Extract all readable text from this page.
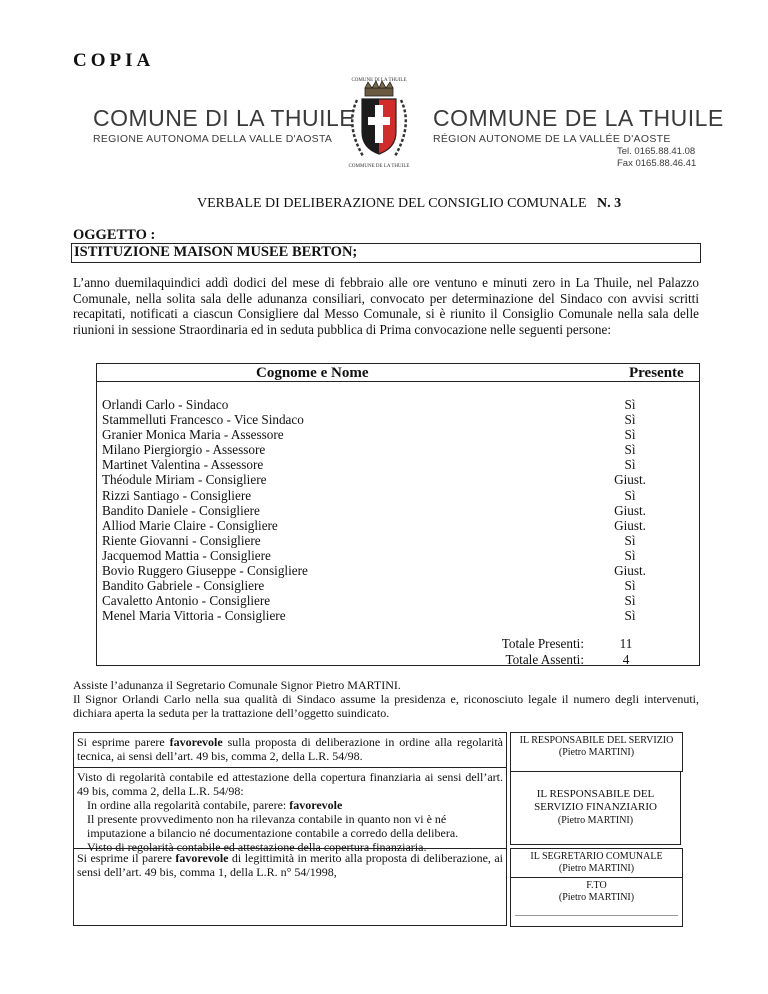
COPIA
COMUNE DI LA THUILE
REGIONE AUTONOMA DELLA VALLE D'AOSTA
COMUNE DI LA THUILE
COMMUNE DE LA THUILE
COMMUNE DE LA THUILE
RÉGION AUTONOME DE LA VALLÉE D'AOSTE
Tel. 0165.88.41.08
Fax 0165.88.46.41
VERBALE DI DELIBERAZIONE DEL CONSIGLIO COMUNALE N. 3
OGGETTO :
ISTITUZIONE MAISON MUSEE BERTON;
L’anno duemilaquindici addì dodici del mese di febbraio alle ore ventuno e minuti zero in La Thuile, nel Palazzo Comunale, nella solita sala delle adunanza consiliari, convocato per determinazione del Sindaco con avvisi scritti recapitati, notificati a ciascun Consigliere dal Messo Comunale, si è riunito il Consiglio Comunale nella sala delle riunioni in sessione Straordinaria ed in seduta pubblica di Prima convocazione nelle seguenti persone:
Cognome e Nome	Presente
Orlandi Carlo - Sindaco
Stammelluti Francesco - Vice Sindaco
Granier Monica Maria - Assessore
Milano Piergiorgio - Assessore
Martinet Valentina - Assessore
Théodule Miriam - Consigliere
Rizzi Santiago - Consigliere
Bandito Daniele - Consigliere
Alliod Marie Claire - Consigliere
Riente Giovanni - Consigliere
Jacquemod Mattia - Consigliere
Bovio Ruggero Giuseppe - Consigliere
Bandito Gabriele - Consigliere
Cavaletto Antonio - Consigliere
Menel Maria Vittoria - Consigliere
Sì
Sì
Sì
Sì
Sì
Giust.
Sì
Giust.
Giust.
Sì
Sì
Giust.
Sì
Sì
Sì
Totale Presenti:
Totale Assenti:
11
4
Assiste l’adunanza il Segretario Comunale Signor Pietro MARTINI.
Il Signor Orlandi Carlo nella sua qualità di Sindaco assume la presidenza e, riconosciuto legale il numero degli intervenuti, dichiara aperta la seduta per la trattazione dell’oggetto suindicato.
Si esprime parere favorevole sulla proposta di deliberazione in ordine alla regolarità tecnica, ai sensi dell’art. 49 bis, comma 2, della L.R. 54/98.
Visto di regolarità contabile ed attestazione della copertura finanziaria ai sensi dell’art. 49 bis, comma 2, della L.R. 54/98:
In ordine alla regolarità contabile, parere: favorevole
Il presente provvedimento non ha rilevanza contabile in quanto non vi è né imputazione a bilancio né documentazione contabile a corredo della delibera.
Visto di regolarità contabile ed attestazione della copertura finanziaria.
Si esprime il parere favorevole di legittimità in merito alla proposta di deliberazione, ai sensi dell’art. 49 bis, comma 1, della L.R. n° 54/1998,
IL RESPONSABILE DEL SERVIZIO
(Pietro MARTINI)
IL RESPONSABILE DEL SERVIZIO FINANZIARIO
(Pietro MARTINI)
IL SEGRETARIO COMUNALE
(Pietro MARTINI)
F.TO
(Pietro MARTINI)
